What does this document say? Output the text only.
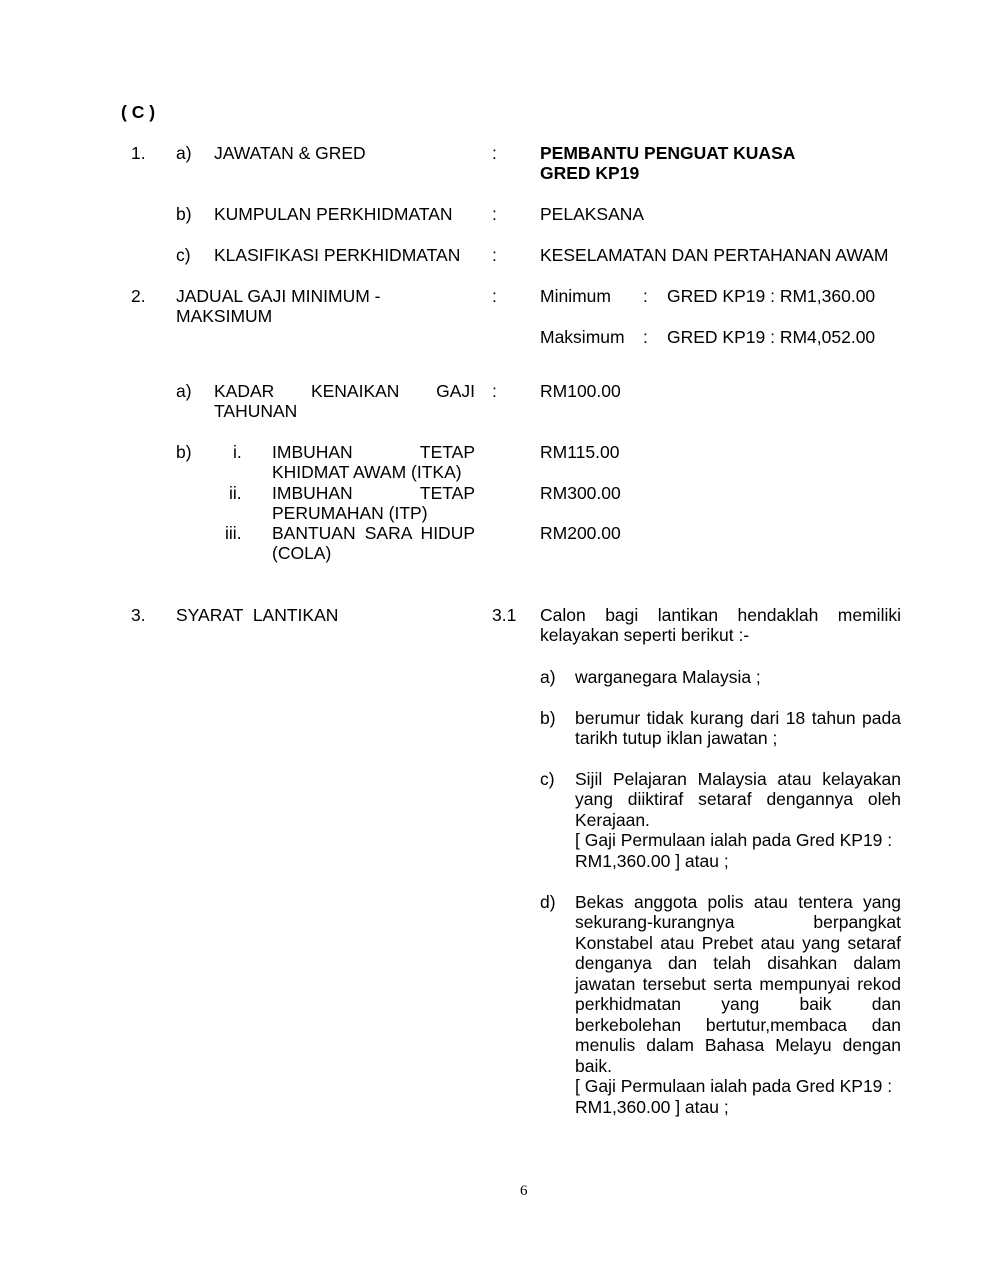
( C )
1. a) JAWATAN & GRED	: PEMBANTU PENGUAT KUASA
GRED KP19
b) KUMPULAN PERKHIDMATAN : PELAKSANA
c) KLASIFIKASI PERKHIDMATAN : KESELAMATAN DAN PERTAHANAN AWAM
2. JADUAL GAJI MINIMUM -
MAKSIMUM
: Minimum : GRED KP19 : RM1,360.00
Maksimum : GRED KP19 : RM4,052.00
a) KADAR KENAIKAN GAJI
TAHUNAN
: RM100.00
b) i. IMBUHAN TETAP
KHIDMAT AWAM (ITKA)
RM115.00
ii. IMBUHAN TETAP
PERUMAHAN (ITP)
RM300.00
iii. BANTUAN SARA HIDUP
(COLA)
RM200.00
3. SYARAT  LANTIKAN	3.1 Calon bagi lantikan hendaklah memiliki
kelayakan seperti berikut :-
a) warganegara Malaysia ;
b) berumur tidak kurang dari 18 tahun pada
tarikh tutup iklan jawatan ;
c) Sijil Pelajaran Malaysia atau kelayakan
yang diiktiraf setaraf dengannya oleh
Kerajaan.
[ Gaji Permulaan ialah pada Gred KP19 :
RM1,360.00 ] atau ;
d) Bekas anggota polis atau tentera yang
sekurang-kurangnya berpangkat
Konstabel atau Prebet atau yang setaraf
denganya dan telah disahkan dalam
jawatan tersebut serta mempunyai rekod
perkhidmatan yang baik dan
berkebolehan bertutur,membaca dan
menulis dalam Bahasa Melayu dengan
baik.
[ Gaji Permulaan ialah pada Gred KP19 :
RM1,360.00 ] atau ;
6
